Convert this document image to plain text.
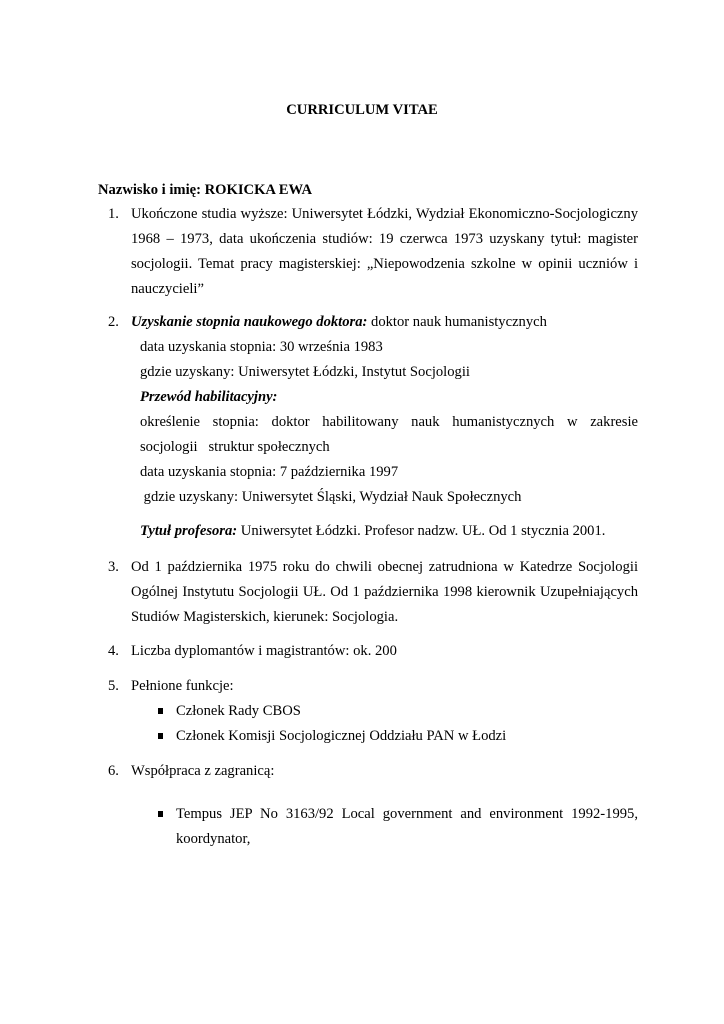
CURRICULUM VITAE
Nazwisko i imię: ROKICKA EWA
1. Ukończone studia wyższe: Uniwersytet Łódzki, Wydział Ekonomiczno-Socjologiczny
1968 – 1973, data ukończenia studiów: 19 czerwca 1973 uzyskany tytuł: magister
socjologii. Temat pracy magisterskiej: „Niepowodzenia szkolne w opinii uczniów i
nauczycieli”
2. Uzyskanie stopnia naukowego doktora: doktor nauk humanistycznych
data uzyskania stopnia: 30 września 1983
gdzie uzyskany: Uniwersytet Łódzki, Instytut Socjologii
Przewód habilitacyjny:
określenie stopnia: doktor habilitowany nauk humanistycznych w zakresie
socjologii   struktur społecznych
data uzyskania stopnia: 7 października 1997
gdzie uzyskany: Uniwersytet Śląski, Wydział Nauk Społecznych
Tytuł profesora: Uniwersytet Łódzki. Profesor nadzw. UŁ. Od 1 stycznia 2001.
3. Od 1 października 1975 roku do chwili obecnej zatrudniona w Katedrze Socjologii
Ogólnej Instytutu Socjologii UŁ. Od 1 października 1998 kierownik Uzupełniających
Studiów Magisterskich, kierunek: Socjologia.
4. Liczba dyplomantów i magistrantów: ok. 200
5. Pełnione funkcje:
Członek Rady CBOS
Członek Komisji Socjologicznej Oddziału PAN w Łodzi
6. Współpraca z zagranicą:
Tempus JEP No 3163/92 Local government and environment 1992-1995,
koordynator,
